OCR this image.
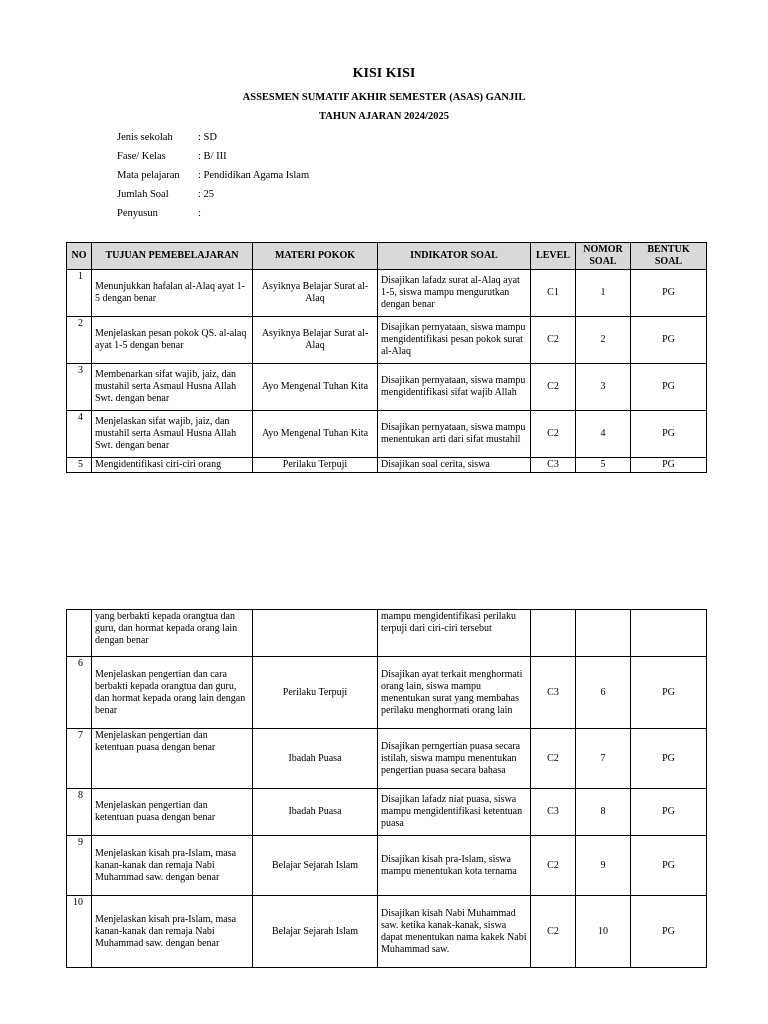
KISI KISI
ASSESMEN SUMATIF AKHIR SEMESTER (ASAS) GANJIL
TAHUN AJARAN 2024/2025
Jenis sekolah	: SD
Fase/ Kelas	: B/ III
Mata pelajaran	: Pendidikan Agama Islam
Jumlah Soal	: 25
Penyusun	:
NO	TUJUAN PEMEBELAJARAN	MATERI POKOK	INDIKATOR SOAL	LEVEL	NOMOR SOAL	BENTUK SOAL
1	Menunjukkan hafalan al-Alaq ayat 1-5 dengan benar	Asyiknya Belajar Surat al-Alaq	Disajikan lafadz surat al-Alaq ayat 1-5, siswa mampu mengurutkan dengan benar	C1	1	PG
2	Menjelaskan pesan pokok QS. al-alaq ayat 1-5 dengan benar	Asyiknya Belajar Surat al-Alaq	Disajikan pernyataan, siswa mampu mengidentifikasi pesan pokok surat al-Alaq	C2	2	PG
3	Membenarkan sifat wajib, jaiz, dan mustahil serta Asmaul Husna Allah Swt. dengan benar	Ayo Mengenal Tuhan Kita	Disajikan pernyataan, siswa mampu mengidentifikasi sifat wajib Allah	C2	3	PG
4	Menjelaskan sifat wajib, jaiz, dan mustahil serta Asmaul Husna Allah Swt. dengan benar	Ayo Mengenal Tuhan Kita	Disajikan pernyataan, siswa mampu menentukan arti dari sifat mustahil	C2	4	PG
5	Mengidentifikasi ciri-ciri orang	Perilaku Terpuji	Disajikan soal cerita, siswa	C3	5	PG
	yang berbakti kepada orangtua dan guru, dan hormat kepada orang lain dengan benar		mampu mengidentifikasi perilaku terpuji dari ciri-ciri tersebut			
6	Menjelaskan pengertian dan cara berbakti kepada orangtua dan guru, dan hormat kepada orang lain dengan benar	Perilaku Terpuji	Disajikan ayat terkait menghormati orang lain, siswa mampu menentukan surat yang membahas perilaku menghormati orang lain	C3	6	PG
7	Menjelaskan pengertian dan ketentuan puasa dengan benar	Ibadah Puasa	Disajikan perngertian puasa secara istilah, siswa mampu menentukan pengertian puasa secara bahasa	C2	7	PG
8	Menjelaskan pengertian dan ketentuan puasa dengan benar	Ibadah Puasa	Disajikan lafadz niat puasa, siswa mampu mengidentifikasi ketentuan puasa	C3	8	PG
9	Menjelaskan kisah pra-Islam, masa kanan-kanak dan remaja Nabi Muhammad saw. dengan benar	Belajar Sejarah Islam	Disajikan kisah pra-Islam, siswa mampu menentukan kota ternama	C2	9	PG
10	Menjelaskan kisah pra-Islam, masa kanan-kanak dan remaja Nabi Muhammad saw. dengan benar	Belajar Sejarah Islam	Disajikan kisah Nabi Muhammad saw. ketika kanak-kanak, siswa dapat menentukan nama kakek Nabi Muhammad saw.	C2	10	PG
